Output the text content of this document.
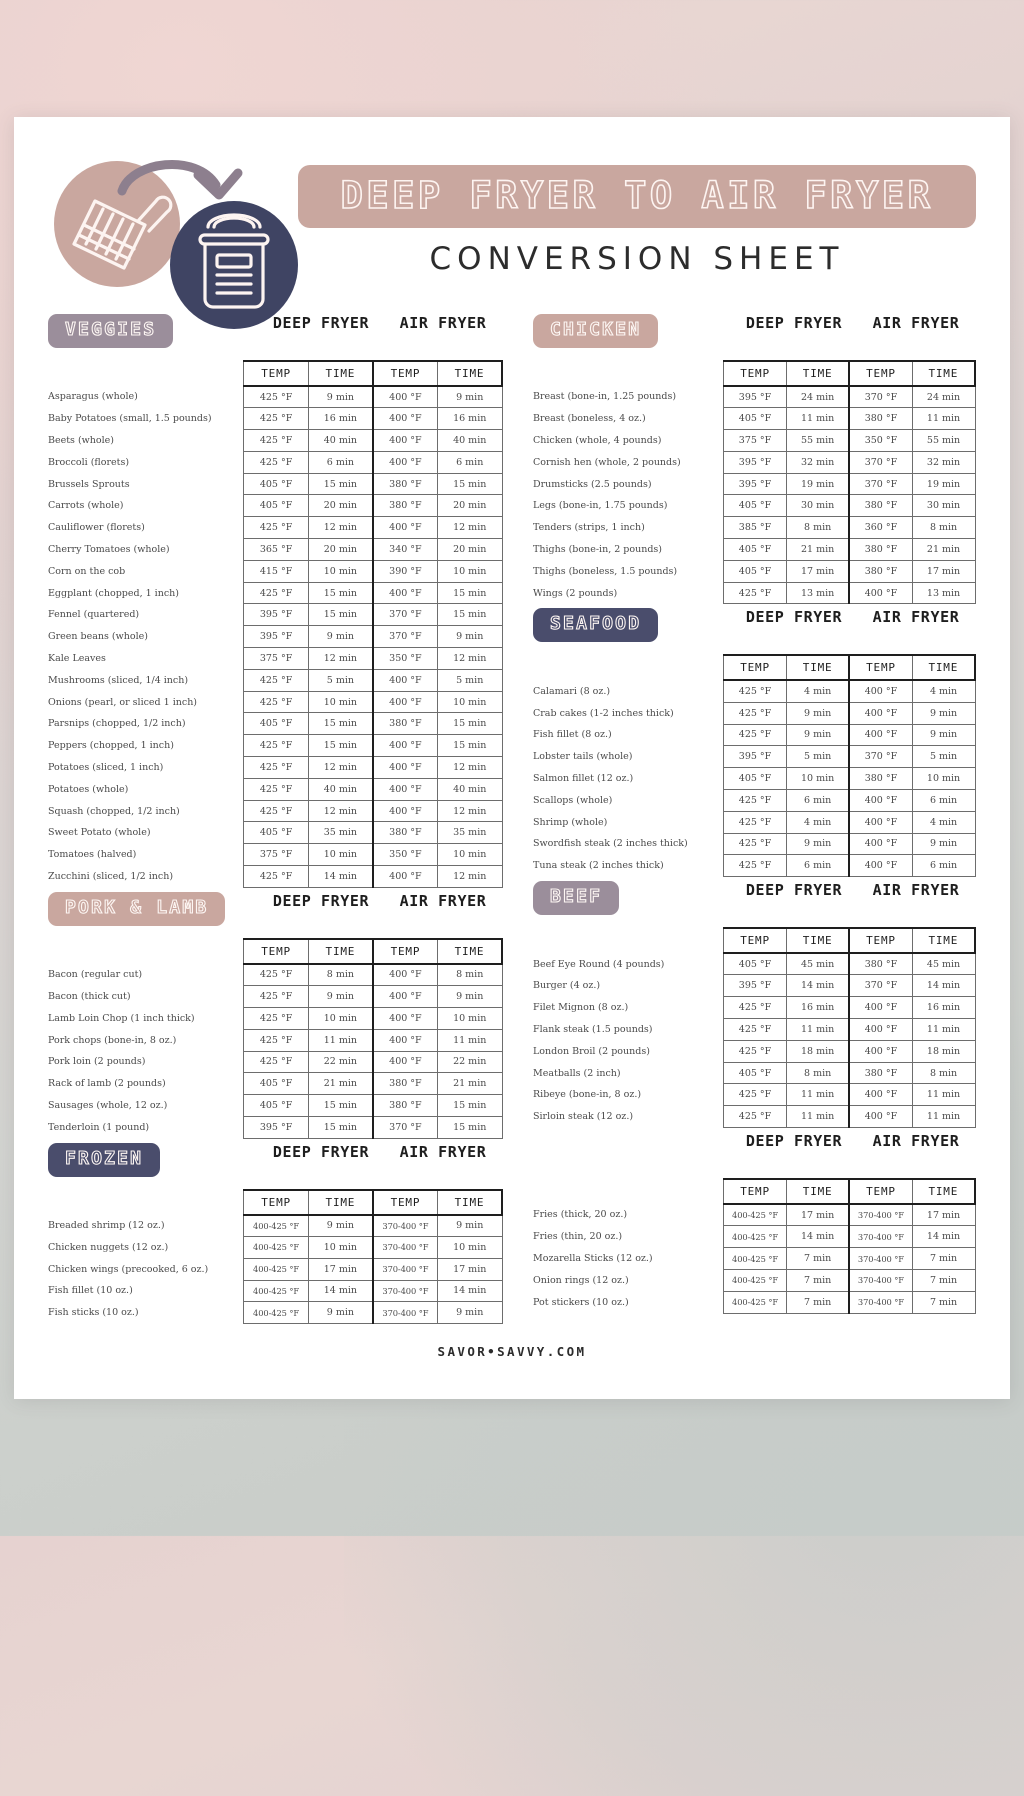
DEEP FRYER TO AIR FRYER
CONVERSION SHEET
VEGGIES	DEEP FRYER	AIR FRYER
	TEMP	TIME	TEMP	TIME
Asparagus (whole)	425 °F	9 min	400 °F	9 min
Baby Potatoes (small, 1.5 pounds)	425 °F	16 min	400 °F	16 min
Beets (whole)	425 °F	40 min	400 °F	40 min
Broccoli (florets)	425 °F	6 min	400 °F	6 min
Brussels Sprouts	405 °F	15 min	380 °F	15 min
Carrots (whole)	405 °F	20 min	380 °F	20 min
Cauliflower (florets)	425 °F	12 min	400 °F	12 min
Cherry Tomatoes (whole)	365 °F	20 min	340 °F	20 min
Corn on the cob	415 °F	10 min	390 °F	10 min
Eggplant (chopped, 1 inch)	425 °F	15 min	400 °F	15 min
Fennel (quartered)	395 °F	15 min	370 °F	15 min
Green beans (whole)	395 °F	9 min	370 °F	9 min
Kale Leaves	375 °F	12 min	350 °F	12 min
Mushrooms (sliced, 1/4 inch)	425 °F	5 min	400 °F	5 min
Onions (pearl, or sliced 1 inch)	425 °F	10 min	400 °F	10 min
Parsnips (chopped, 1/2 inch)	405 °F	15 min	380 °F	15 min
Peppers (chopped, 1 inch)	425 °F	15 min	400 °F	15 min
Potatoes (sliced, 1 inch)	425 °F	12 min	400 °F	12 min
Potatoes (whole)	425 °F	40 min	400 °F	40 min
Squash (chopped, 1/2 inch)	425 °F	12 min	400 °F	12 min
Sweet Potato (whole)	405 °F	35 min	380 °F	35 min
Tomatoes (halved)	375 °F	10 min	350 °F	10 min
Zucchini (sliced, 1/2 inch)	425 °F	14 min	400 °F	12 min
PORK & LAMB	DEEP FRYER	AIR FRYER
	TEMP	TIME	TEMP	TIME
Bacon (regular cut)	425 °F	8 min	400 °F	8 min
Bacon (thick cut)	425 °F	9 min	400 °F	9 min
Lamb Loin Chop (1 inch thick)	425 °F	10 min	400 °F	10 min
Pork chops (bone-in, 8 oz.)	425 °F	11 min	400 °F	11 min
Pork loin (2 pounds)	425 °F	22 min	400 °F	22 min
Rack of lamb (2 pounds)	405 °F	21 min	380 °F	21 min
Sausages (whole, 12 oz.)	405 °F	15 min	380 °F	15 min
Tenderloin (1 pound)	395 °F	15 min	370 °F	15 min
FROZEN	DEEP FRYER	AIR FRYER
	TEMP	TIME	TEMP	TIME
Breaded shrimp (12 oz.)	400-425 °F	9 min	370-400 °F	9 min
Chicken nuggets (12 oz.)	400-425 °F	10 min	370-400 °F	10 min
Chicken wings (precooked, 6 oz.)	400-425 °F	17 min	370-400 °F	17 min
Fish fillet (10 oz.)	400-425 °F	14 min	370-400 °F	14 min
Fish sticks (10 oz.)	400-425 °F	9 min	370-400 °F	9 min
CHICKEN	DEEP FRYER	AIR FRYER
	TEMP	TIME	TEMP	TIME
Breast (bone-in, 1.25 pounds)	395 °F	24 min	370 °F	24 min
Breast (boneless, 4 oz.)	405 °F	11 min	380 °F	11 min
Chicken (whole, 4 pounds)	375 °F	55 min	350 °F	55 min
Cornish hen (whole, 2 pounds)	395 °F	32 min	370 °F	32 min
Drumsticks (2.5 pounds)	395 °F	19 min	370 °F	19 min
Legs (bone-in, 1.75 pounds)	405 °F	30 min	380 °F	30 min
Tenders (strips, 1 inch)	385 °F	8 min	360 °F	8 min
Thighs (bone-in, 2 pounds)	405 °F	21 min	380 °F	21 min
Thighs (boneless, 1.5 pounds)	405 °F	17 min	380 °F	17 min
Wings (2 pounds)	425 °F	13 min	400 °F	13 min
SEAFOOD	DEEP FRYER	AIR FRYER
	TEMP	TIME	TEMP	TIME
Calamari (8 oz.)	425 °F	4 min	400 °F	4 min
Crab cakes (1-2 inches thick)	425 °F	9 min	400 °F	9 min
Fish fillet (8 oz.)	425 °F	9 min	400 °F	9 min
Lobster tails (whole)	395 °F	5 min	370 °F	5 min
Salmon fillet (12 oz.)	405 °F	10 min	380 °F	10 min
Scallops (whole)	425 °F	6 min	400 °F	6 min
Shrimp (whole)	425 °F	4 min	400 °F	4 min
Swordfish steak (2 inches thick)	425 °F	9 min	400 °F	9 min
Tuna steak (2 inches thick)	425 °F	6 min	400 °F	6 min
BEEF	DEEP FRYER	AIR FRYER
	TEMP	TIME	TEMP	TIME
Beef Eye Round (4 pounds)	405 °F	45 min	380 °F	45 min
Burger (4 oz.)	395 °F	14 min	370 °F	14 min
Filet Mignon (8 oz.)	425 °F	16 min	400 °F	16 min
Flank steak (1.5 pounds)	425 °F	11 min	400 °F	11 min
London Broil (2 pounds)	425 °F	18 min	400 °F	18 min
Meatballs (2 inch)	405 °F	8 min	380 °F	8 min
Ribeye (bone-in, 8 oz.)	425 °F	11 min	400 °F	11 min
Sirloin steak (12 oz.)	425 °F	11 min	400 °F	11 min
DEEP FRYER	AIR FRYER
	TEMP	TIME	TEMP	TIME
Fries (thick, 20 oz.)	400-425 °F	17 min	370-400 °F	17 min
Fries (thin, 20 oz.)	400-425 °F	14 min	370-400 °F	14 min
Mozarella Sticks (12 oz.)	400-425 °F	7 min	370-400 °F	7 min
Onion rings (12 oz.)	400-425 °F	7 min	370-400 °F	7 min
Pot stickers (10 oz.)	400-425 °F	7 min	370-400 °F	7 min
SAVOR•SAVVY.COM
